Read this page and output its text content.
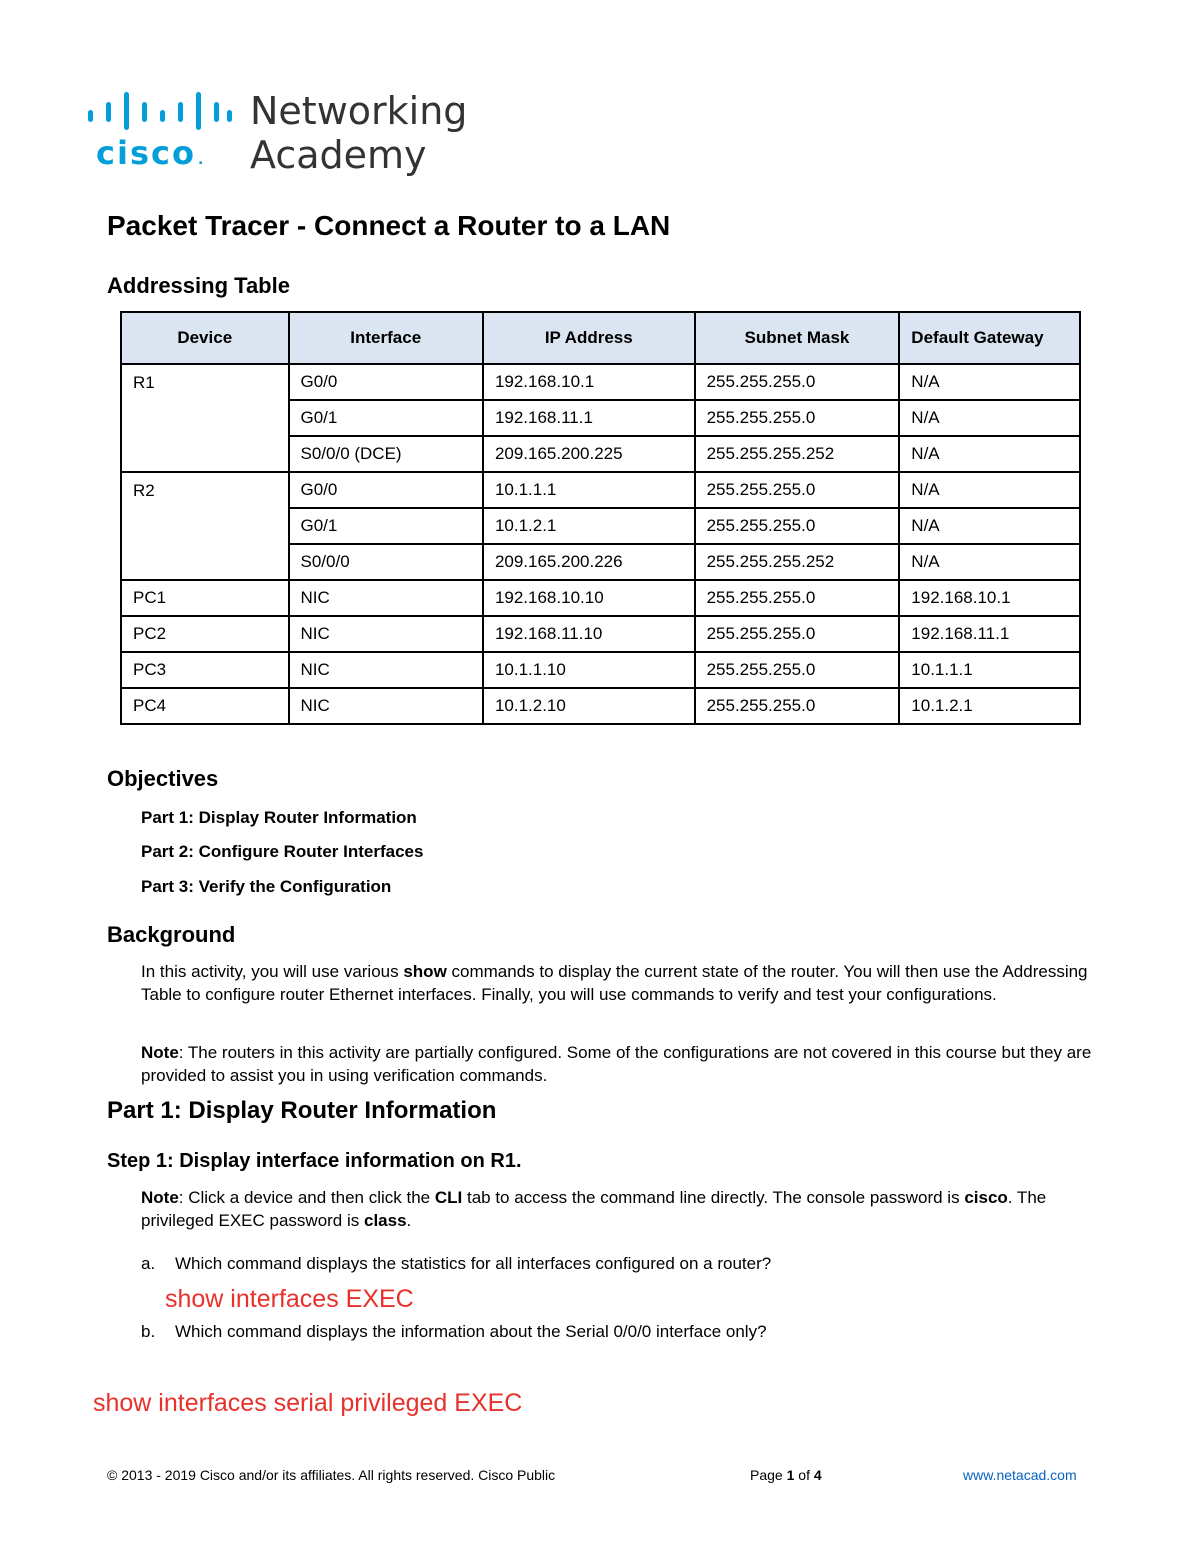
cisco .
Networking
Academy
Packet Tracer - Connect a Router to a LAN
Addressing Table
Device	Interface	IP Address	Subnet Mask	Default Gateway
R1	G0/0	192.168.10.1	255.255.255.0	N/A
	G0/1	192.168.11.1	255.255.255.0	N/A
	S0/0/0 (DCE)	209.165.200.225	255.255.255.252	N/A
R2	G0/0	10.1.1.1	255.255.255.0	N/A
	G0/1	10.1.2.1	255.255.255.0	N/A
	S0/0/0	209.165.200.226	255.255.255.252	N/A
PC1	NIC	192.168.10.10	255.255.255.0	192.168.10.1
PC2	NIC	192.168.11.10	255.255.255.0	192.168.11.1
PC3	NIC	10.1.1.10	255.255.255.0	10.1.1.1
PC4	NIC	10.1.2.10	255.255.255.0	10.1.2.1
Objectives
Part 1: Display Router Information
Part 2: Configure Router Interfaces
Part 3: Verify the Configuration
Background

In this activity, you will use various show commands to display the current state of the router. You will then use the Addressing Table to configure router Ethernet interfaces. Finally, you will use commands to verify and test your configurations.

Note: The routers in this activity are partially configured. Some of the configurations are not covered in this course but they are provided to assist you in using verification commands.

Part 1: Display Router Information
Step 1: Display interface information on R1.

Note: Click a device and then click the CLI tab to access the command line directly. The console password is cisco. The privileged EXEC password is class.

a. Which command displays the statistics for all interfaces configured on a router?
show interfaces EXEC
b. Which command displays the information about the Serial 0/0/0 interface only?
show interfaces serial privileged EXEC
© 2013 - 2019 Cisco and/or its affiliates. All rights reserved. Cisco Public	Page 1 of 4	www.netacad.com
